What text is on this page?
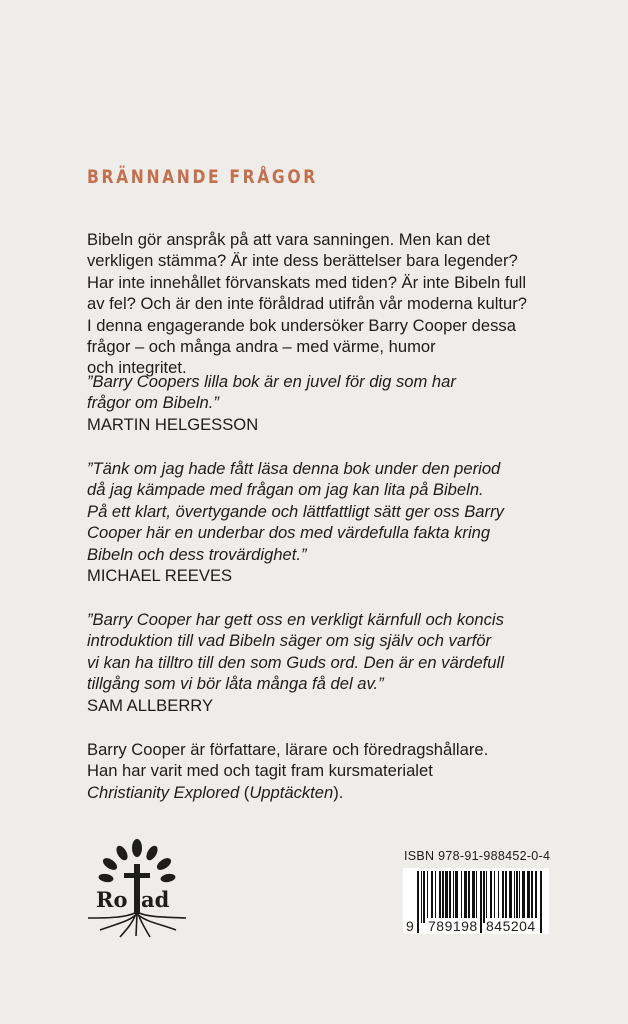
BRÄNNANDE FRÅGOR
Bibeln gör anspråk på att vara sanningen. Men kan det
verkligen stämma? Är inte dess berättelser bara legender?
Har inte innehållet förvanskats med tiden? Är inte Bibeln full
av fel? Och är den inte föråldrad utifrån vår moderna kultur?
I denna engagerande bok undersöker Barry Cooper dessa
frågor – och många andra – med värme, humor
och integritet.
”Barry Coopers lilla bok är en juvel för dig som har
frågor om Bibeln.”
MARTIN HELGESSON
”Tänk om jag hade fått läsa denna bok under den period
då jag kämpade med frågan om jag kan lita på Bibeln.
På ett klart, övertygande och lättfattligt sätt ger oss Barry
Cooper här en underbar dos med värdefulla fakta kring
Bibeln och dess trovärdighet.”
MICHAEL REEVES
”Barry Cooper har gett oss en verkligt kärnfull och koncis
introduktion till vad Bibeln säger om sig själv och varför
vi kan ha tilltro till den som Guds ord. Den är en värdefull
tillgång som vi bör låta många få del av.”
SAM ALLBERRY
Barry Cooper är författare, lärare och föredragshållare.
Han har varit med och tagit fram kursmaterialet
Christianity Explored (Upptäckten).
Ro ad
ISBN 978-91-988452-0-4
9 789198 845204
